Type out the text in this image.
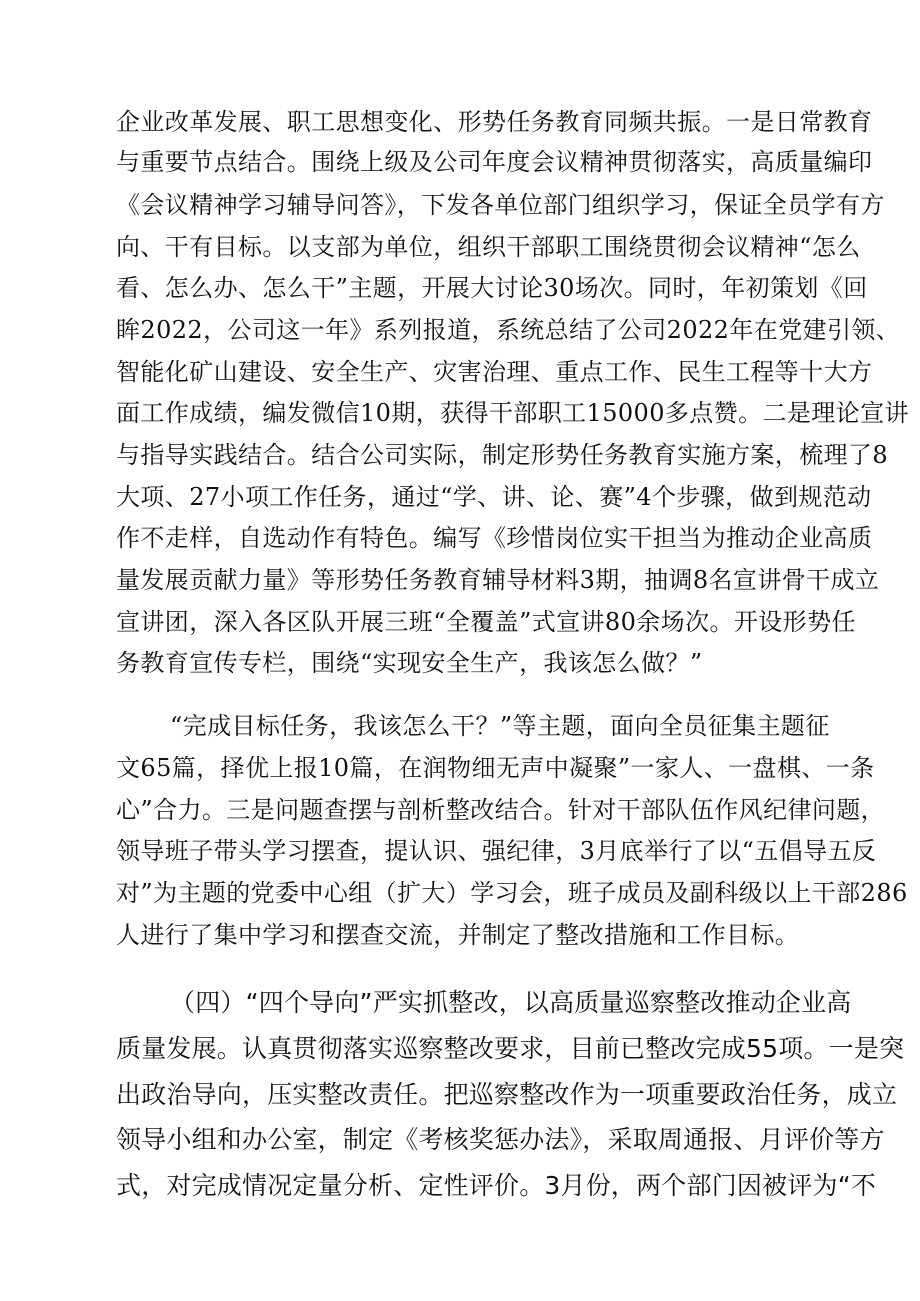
企业改革发展、职工思想变化、形势任务教育同频共振。一是日常教育
与重要节点结合。围绕上级及公司年度会议精神贯彻落实，高质量编印
《会议精神学习辅导问答》，下发各单位部门组织学习，保证全员学有方
向、干有目标。以支部为单位，组织干部职工围绕贯彻会议精神“怎么
看、怎么办、怎么干”主题，开展大讨论30场次。同时，年初策划《回
眸2022，公司这一年》系列报道，系统总结了公司2022年在党建引领、
智能化矿山建设、安全生产、灾害治理、重点工作、民生工程等十大方
面工作成绩，编发微信10期，获得干部职工15000多点赞。二是理论宣讲
与指导实践结合。结合公司实际，制定形势任务教育实施方案，梳理了8
大项、27小项工作任务，通过“学、讲、论、赛”4个步骤，做到规范动
作不走样，自选动作有特色。编写《珍惜岗位实干担当为推动企业高质
量发展贡献力量》等形势任务教育辅导材料3期，抽调8名宣讲骨干成立
宣讲团，深入各区队开展三班“全覆盖”式宣讲80余场次。开设形势任
务教育宣传专栏，围绕“实现安全生产，我该怎么做？”
“完成目标任务，我该怎么干？”等主题，面向全员征集主题征
文65篇，择优上报10篇，在润物细无声中凝聚”一家人、一盘棋、一条
心”合力。三是问题查摆与剖析整改结合。针对干部队伍作风纪律问题，
领导班子带头学习摆查，提认识、强纪律，3月底举行了以“五倡导五反
对”为主题的党委中心组（扩大）学习会，班子成员及副科级以上干部286
人进行了集中学习和摆查交流，并制定了整改措施和工作目标。
（四）“四个导向”严实抓整改，以高质量巡察整改推动企业高
质量发展。认真贯彻落实巡察整改要求，目前已整改完成55项。一是突
出政治导向，压实整改责任。把巡察整改作为一项重要政治任务，成立
领导小组和办公室，制定《考核奖惩办法》，采取周通报、月评价等方
式，对完成情况定量分析、定性评价。3月份，两个部门因被评为“不
